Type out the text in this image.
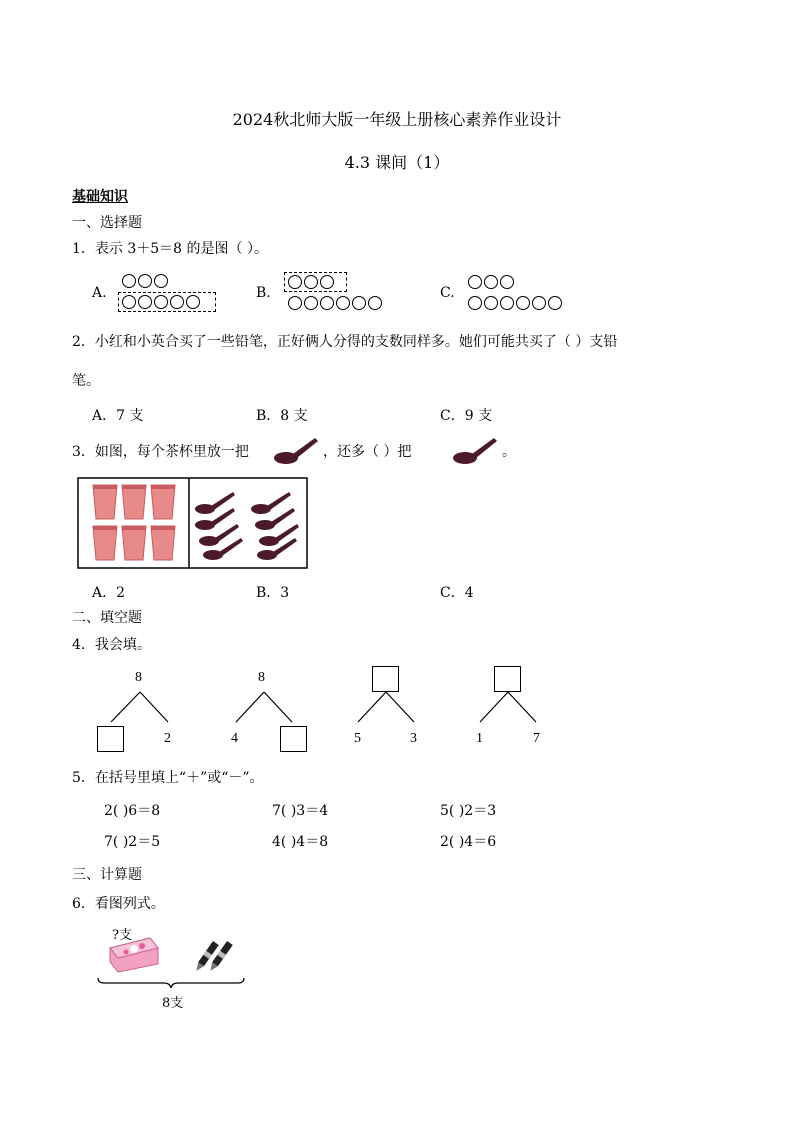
2024秋北师大版一年级上册核心素养作业设计
4.3 课间（1）
基础知识
一、选择题
1．表示 3＋5＝8 的是图（ ）。
A.	B.	C.
2．小红和小英合买了一些铅笔，正好俩人分得的支数同样多。她们可能共买了（ ）支铅
笔。
A．7 支	B．8 支	C．9 支
3．如图，每个茶杯里放一把	，还多（ ）把	。
A．2	B．3	C．4
二、填空题
4．我会填。
8
2
8
4	5	3	1	7
5．在括号里填上“＋”或“－”。
2( )6＝8	7( )3＝4	5( )2＝3
7( )2＝5	4( )4＝8	2( )4＝6
三、计算题
6．看图列式。
?支
8支
